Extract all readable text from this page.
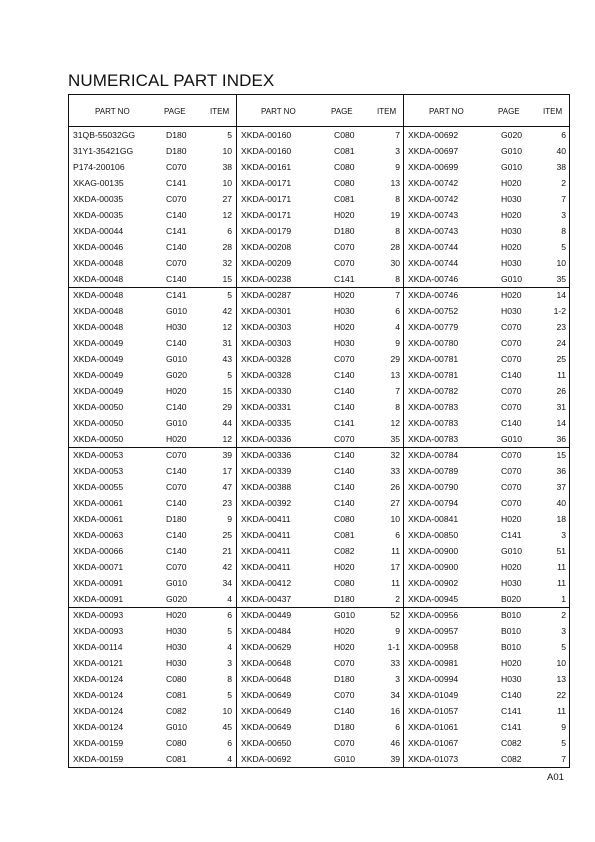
NUMERICAL PART INDEX
PART NO	PAGE	ITEM
31QB-55032GG	D180	5
31Y1-35421GG	D180	10
P174-200106	C070	38
XKAG-00135	C141	10
XKDA-00035	C070	27
XKDA-00035	C140	12
XKDA-00044	C141	6
XKDA-00046	C140	28
XKDA-00048	C070	32
XKDA-00048	C140	15
XKDA-00048	C141	5
XKDA-00048	G010	42
XKDA-00048	H030	12
XKDA-00049	C140	31
XKDA-00049	G010	43
XKDA-00049	G020	5
XKDA-00049	H020	15
XKDA-00050	C140	29
XKDA-00050	G010	44
XKDA-00050	H020	12
XKDA-00053	C070	39
XKDA-00053	C140	17
XKDA-00055	C070	47
XKDA-00061	C140	23
XKDA-00061	D180	9
XKDA-00063	C140	25
XKDA-00066	C140	21
XKDA-00071	C070	42
XKDA-00091	G010	34
XKDA-00091	G020	4
XKDA-00093	H020	6
XKDA-00093	H030	5
XKDA-00114	H030	4
XKDA-00121	H030	3
XKDA-00124	C080	8
XKDA-00124	C081	5
XKDA-00124	C082	10
XKDA-00124	G010	45
XKDA-00159	C080	6
XKDA-00159	C081	4
PART NO	PAGE	ITEM
XKDA-00160	C080	7
XKDA-00160	C081	3
XKDA-00161	C080	9
XKDA-00171	C080	13
XKDA-00171	C081	8
XKDA-00171	H020	19
XKDA-00179	D180	8
XKDA-00208	C070	28
XKDA-00209	C070	30
XKDA-00238	C141	8
XKDA-00287	H020	7
XKDA-00301	H030	6
XKDA-00303	H020	4
XKDA-00303	H030	9
XKDA-00328	C070	29
XKDA-00328	C140	13
XKDA-00330	C140	7
XKDA-00331	C140	8
XKDA-00335	C141	12
XKDA-00336	C070	35
XKDA-00336	C140	32
XKDA-00339	C140	33
XKDA-00388	C140	26
XKDA-00392	C140	27
XKDA-00411	C080	10
XKDA-00411	C081	6
XKDA-00411	C082	11
XKDA-00411	H020	17
XKDA-00412	C080	11
XKDA-00437	D180	2
XKDA-00449	G010	52
XKDA-00484	H020	9
XKDA-00629	H020	1-1
XKDA-00648	C070	33
XKDA-00648	D180	3
XKDA-00649	C070	34
XKDA-00649	C140	16
XKDA-00649	D180	6
XKDA-00650	C070	46
XKDA-00692	G010	39
PART NO	PAGE	ITEM
XKDA-00692	G020	6
XKDA-00697	G010	40
XKDA-00699	G010	38
XKDA-00742	H020	2
XKDA-00742	H030	7
XKDA-00743	H020	3
XKDA-00743	H030	8
XKDA-00744	H020	5
XKDA-00744	H030	10
XKDA-00746	G010	35
XKDA-00746	H020	14
XKDA-00752	H030	1-2
XKDA-00779	C070	23
XKDA-00780	C070	24
XKDA-00781	C070	25
XKDA-00781	C140	11
XKDA-00782	C070	26
XKDA-00783	C070	31
XKDA-00783	C140	14
XKDA-00783	G010	36
XKDA-00784	C070	15
XKDA-00789	C070	36
XKDA-00790	C070	37
XKDA-00794	C070	40
XKDA-00841	H020	18
XKDA-00850	C141	3
XKDA-00900	G010	51
XKDA-00900	H020	11
XKDA-00902	H030	11
XKDA-00945	B020	1
XKDA-00956	B010	2
XKDA-00957	B010	3
XKDA-00958	B010	5
XKDA-00981	H020	10
XKDA-00994	H030	13
XKDA-01049	C140	22
XKDA-01057	C141	11
XKDA-01061	C141	9
XKDA-01067	C082	5
XKDA-01073	C082	7
A01
